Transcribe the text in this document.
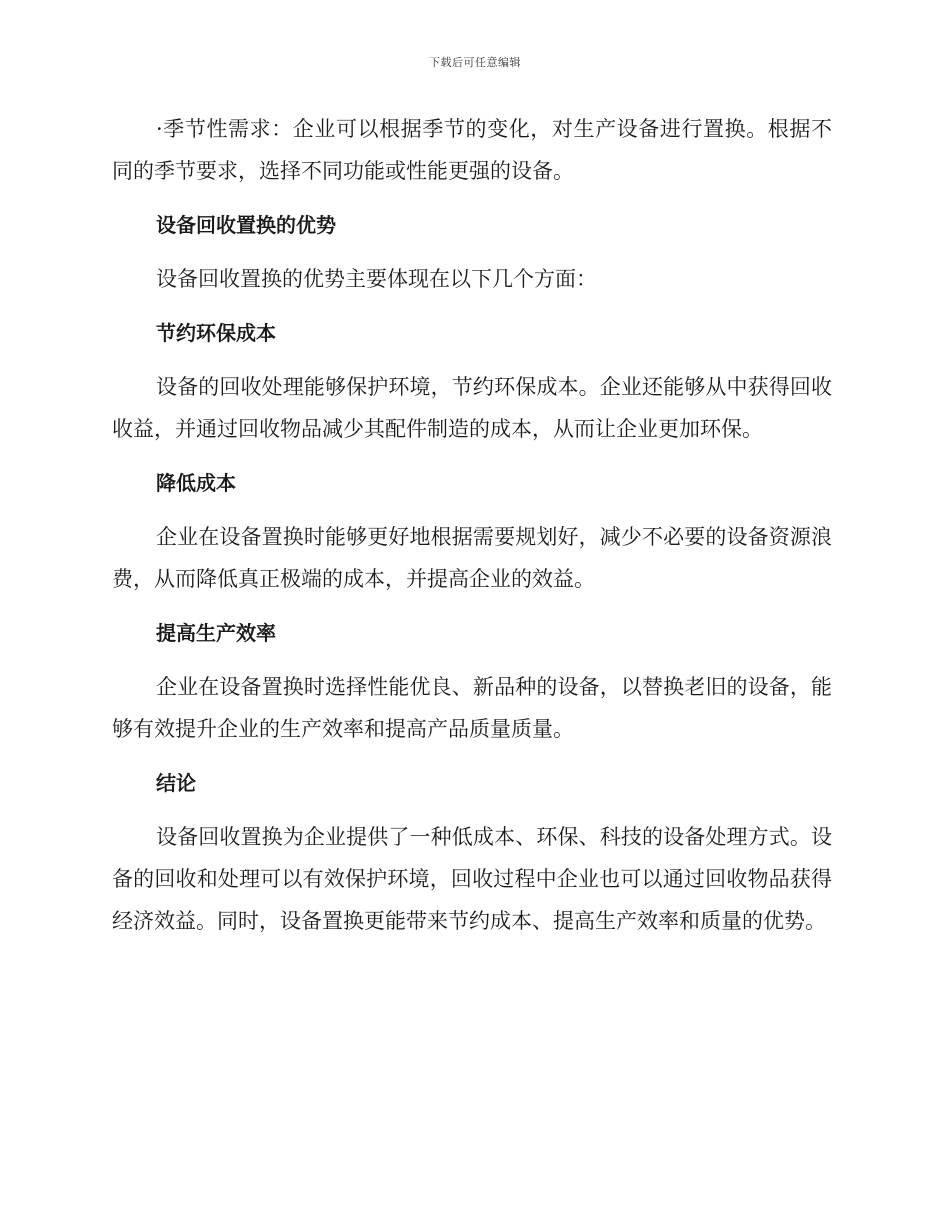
下载后可任意编辑

·季节性需求：企业可以根据季节的变化，对生产设备进行置换。根据不同的季节要求，选择不同功能或性能更强的设备。

设备回收置换的优势

设备回收置换的优势主要体现在以下几个方面：

节约环保成本

设备的回收处理能够保护环境，节约环保成本。企业还能够从中获得回收收益，并通过回收物品减少其配件制造的成本，从而让企业更加环保。

降低成本

企业在设备置换时能够更好地根据需要规划好，减少不必要的设备资源浪费，从而降低真正极端的成本，并提高企业的效益。

提高生产效率

企业在设备置换时选择性能优良、新品种的设备，以替换老旧的设备，能够有效提升企业的生产效率和提高产品质量质量。

结论

设备回收置换为企业提供了一种低成本、环保、科技的设备处理方式。设备的回收和处理可以有效保护环境，回收过程中企业也可以通过回收物品获得经济效益。同时，设备置换更能带来节约成本、提高生产效率和质量的优势。
